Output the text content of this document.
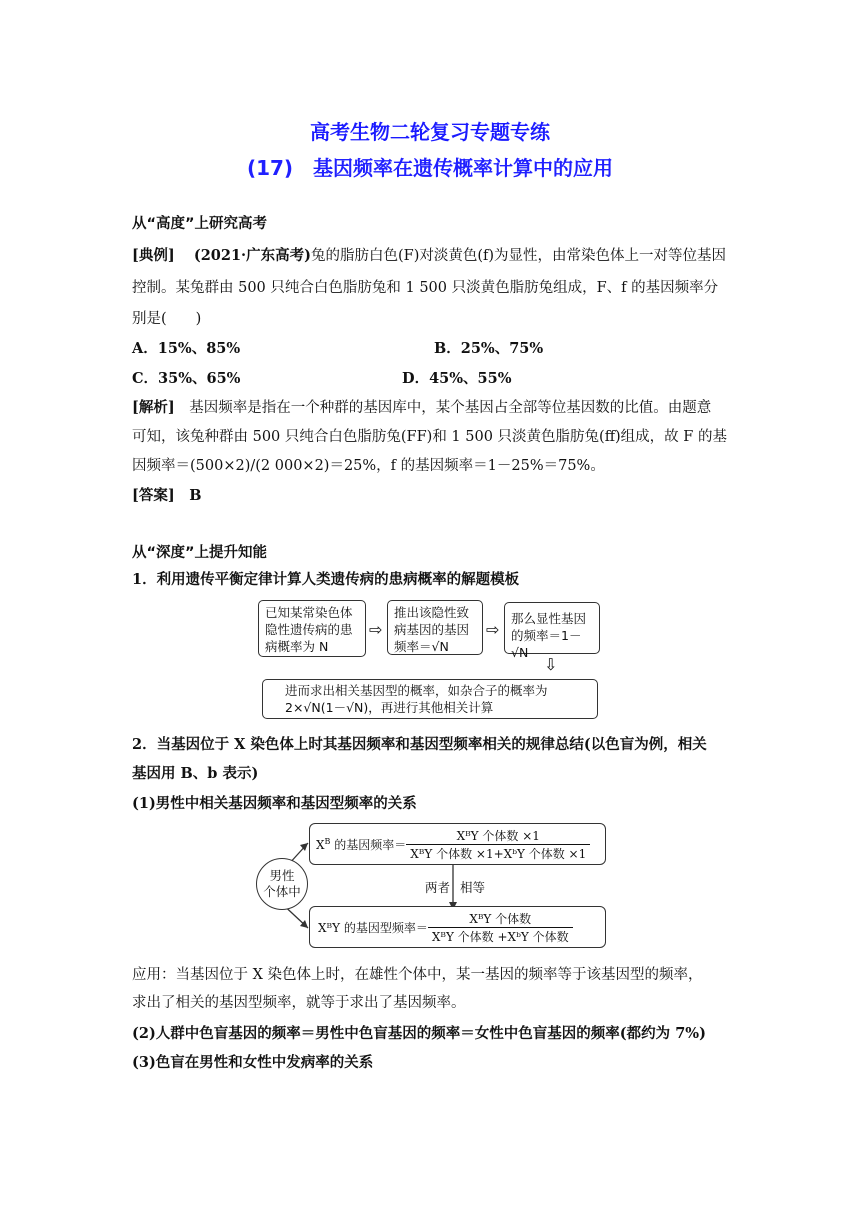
高考生物二轮复习专题专练
(17)　基因频率在遗传概率计算中的应用
从“高度”上研究高考
[典例]　 (2021·广东高考)兔的脂肪白色(F)对淡黄色(f)为显性，由常染色体上一对等位基因
控制。某兔群由 500 只纯合白色脂肪兔和 1 500 只淡黄色脂肪兔组成，F、f 的基因频率分
别是(　　)
A．15%、85%	B．25%、75%
C．35%、65%	D．45%、55%
[解析]　 基因频率是指在一个种群的基因库中，某个基因占全部等位基因数的比值。由题意
可知，该兔种群由 500 只纯合白色脂肪兔(FF)和 1 500 只淡黄色脂肪兔(ff)组成，故 F 的基
因频率＝(500×2)/(2 000×2)＝25%，f 的基因频率＝1－25%＝75%。
[答案]　 B
从“深度”上提升知能
1．利用遗传平衡定律计算人类遗传病的患病概率的解题模板
已知某常染色体
隐性遗传病的患
病概率为 N
⇨
推出该隐性致
病基因的基因
频率＝√N
⇨
那么显性基因
的频率＝1－√N
⇩
进而求出相关基因型的概率，如杂合子的概率为
2×√N(1－√N)，再进行其他相关计算
2．当基因位于 X 染色体上时其基因频率和基因型频率相关的规律总结(以色盲为例，相关
基因用 B、b 表示)
(1)男性中相关基因频率和基因型频率的关系
男性
个体中
$X^B$ 的基因频率＝ $\frac{\text{XᴮY 个体数 ×1}}{\text{XᴮY 个体数 ×1+XᵇY 个体数 ×1}}$
两者 相等
XᴮY 的基因型频率＝ $\frac{\text{XᴮY 个体数}}{\text{XᴮY 个体数 +XᵇY 个体数}}$
应用：当基因位于 X 染色体上时，在雄性个体中，某一基因的频率等于该基因型的频率，
求出了相关的基因型频率，就等于求出了基因频率。
(2)人群中色盲基因的频率＝男性中色盲基因的频率＝女性中色盲基因的频率(都约为 7%)
(3)色盲在男性和女性中发病率的关系
